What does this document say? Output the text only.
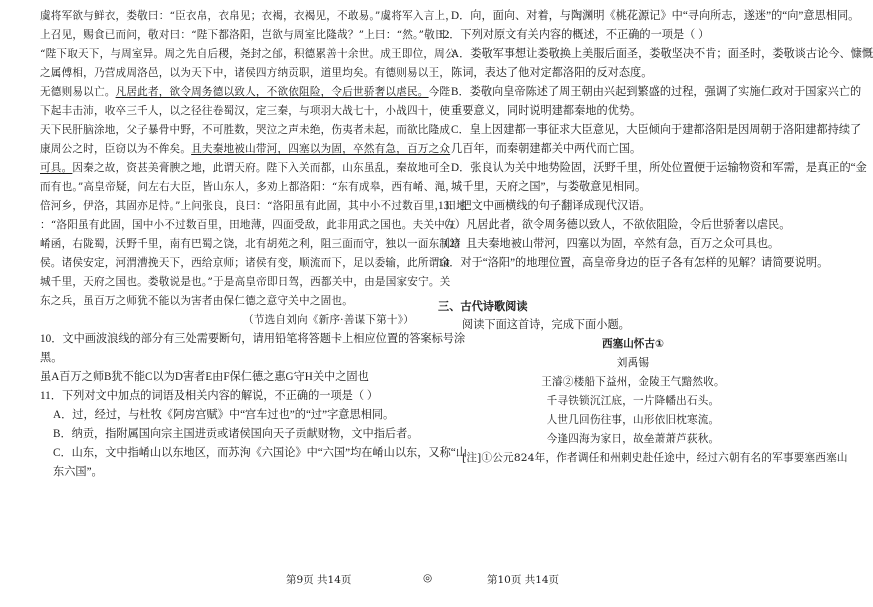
虞将军欲与鲜衣，娄敬曰：“臣衣帛，衣帛见；衣褐，衣褐见，不敢易。”虞将军入言上，
上召见，赐食已而问，敬对曰：“陛下都洛阳，岂欲与周室比隆哉？”上曰：“然。”敬曰：
“陛下取天下，与周室异。周之先自后稷，尧封之邰，积德累善十余世。成王即位，周公
之属傅相，乃营成周洛邑，以为天下中，诸侯四方纳贡职，道里均矣。有德则易以王，
无德则易以亡。凡居此者，欲令周务德以致人，不欲依阻险，令后世骄奢以虐民。今陛
下起丰击沛，收卒三千人，以之径往卷蜀汉，定三秦，与项羽大战七十，小战四十，使
天下民肝脑涂地，父子暴骨中野，不可胜数，哭泣之声未绝，伤夷者未起，而欲比隆成
康周公之时，臣窃以为不侔矣。且夫秦地被山带河，四塞以为固，卒然有急，百万之众
可具。因秦之故，资甚美膏腴之地，此谓天府。陛下入关而都，山东虽乱，秦故地可全
而有也。”高皇帝疑，问左右大臣，皆山东人，多劝上都洛阳：“东有成皋，西有崤、渑，
倍河乡，伊洛，其固亦足恃。”上问张良，良曰：“洛阳虽有此固，其中小不过数百里，田地
：“洛阳虽有此固，国中小不过数百里，田地薄，四面受敌，此非用武之国也。夫关中左
崤函，右陇蜀，沃野千里，南有巴蜀之饶，北有胡苑之利，阻三面而守，独以一面东制诸
侯。诸侯安定，河渭漕挽天下，西给京师；诸侯有变，顺流而下，足以委输，此所谓金
城千里，天府之国也。娄敬说是也。”于是高皇帝即日驾，西都关中，由是国家安宁。关
东之兵，虽百万之师犹不能以为害者由保仁德之意守关中之固也。
（节选自刘向《新序·善谋下第十》）
10．文中画波浪线的部分有三处需要断句，请用铅笔将答题卡上相应位置的答案标号涂
黑。
虽A百万之师B犹不能C以为D害者E由F保仁德之惠G守H关中之固也
11．下列对文中加点的词语及相关内容的解说，不正确的一项是（ ）
A．过，经过，与杜牧《阿房宫赋》中“宫车过也”的“过”字意思相同。
B．纳贡，指附属国向宗主国进贡或诸侯国向天子贡献财物，文中指后者。
C．山东，文中指崤山以东地区，而苏洵《六国论》中“六国”均在崤山以东，又称“山
东六国”。
D．向，面向、对着，与陶渊明《桃花源记》中“寻向所志，遂迷”的“向”意思相同。
12．下列对原文有关内容的概述，不正确的一项是（ ）
A．娄敬军事想让娄敬换上美服后面圣，娄敬坚决不肯；面圣时，娄敬谈古论今、慷慨
陈词，表达了他对定都洛阳的反对态度。
B．娄敬向皇帝陈述了周王朝由兴起到繁盛的过程，强调了实施仁政对于国家兴亡的
重要意义，同时说明建都秦地的优势。
C．皇上因建都一事征求大臣意见，大臣倾向于建都洛阳是因周朝于洛阳建都持续了
几百年，而秦朝建都关中两代而亡国。
D．张良认为关中地势险固，沃野千里，所处位置便于运输物资和军需，是真正的“金
城千里，天府之国”，与娄敬意见相同。
13．把文中画横线的句子翻译成现代汉语。
（1）凡居此者，欲令周务德以致人，不欲依阻险，令后世骄奢以虐民。
（2）且夫秦地被山带河，四塞以为固，卒然有急，百万之众可具也。
14．对于“洛阳”的地理位置，高皇帝身边的臣子各有怎样的见解？请简要说明。
三、古代诗歌阅读
阅读下面这首诗，完成下面小题。
西塞山怀古①
刘禹锡
王濬②楼船下益州，金陵王气黯然收。
千寻铁锁沉江底，一片降幡出石头。
人世几回伤往事，山形依旧枕寒流。
今逢四海为家日，故垒萧萧芦荻秋。
[注]①公元824年，作者调任和州刺史赴任途中，经过六朝有名的军事要塞西塞山
第9页 共14页	◎	第10页 共14页
